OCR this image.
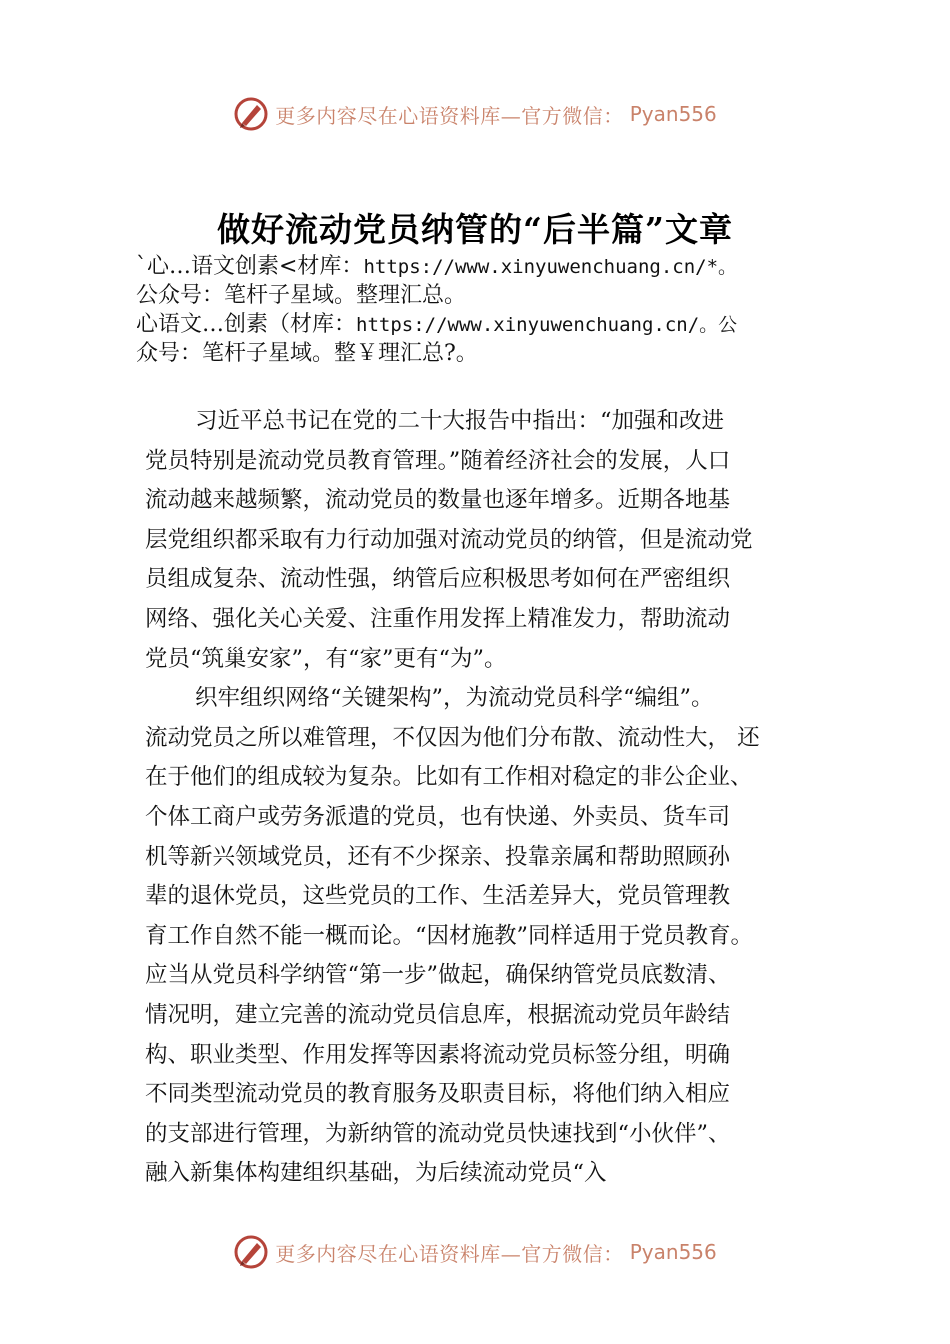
更多内容尽在心语资料库—官方微信： Pyan556
做好流动党员纳管的“后半篇”文章
`心…语文创素<材库：https://www.xinyuwenchuang.cn/*。
公众号：笔杆子星域。整理汇总。
心语文…创素（材库：https://www.xinyuwenchuang.cn/。公
众号：笔杆子星域。整￥理汇总?。
习近平总书记在党的二十大报告中指出：“加强和改进
党员特别是流动党员教育管理。”随着经济社会的发展，人口
流动越来越频繁，流动党员的数量也逐年增多。近期各地基
层党组织都采取有力行动加强对流动党员的纳管，但是流动党
员组成复杂、流动性强，纳管后应积极思考如何在严密组织
网络、强化关心关爱、注重作用发挥上精准发力，帮助流动
党员“筑巢安家”，有“家”更有“为”。
织牢组织网络“关键架构”，为流动党员科学“编组”。
流动党员之所以难管理，不仅因为他们分布散、流动性大， 还
在于他们的组成较为复杂。比如有工作相对稳定的非公企业、
个体工商户或劳务派遣的党员，也有快递、外卖员、货车司
机等新兴领域党员，还有不少探亲、投靠亲属和帮助照顾孙
辈的退休党员，这些党员的工作、生活差异大，党员管理教
育工作自然不能一概而论。“因材施教”同样适用于党员教育。
应当从党员科学纳管“第一步”做起，确保纳管党员底数清、
情况明，建立完善的流动党员信息库，根据流动党员年龄结
构、职业类型、作用发挥等因素将流动党员标签分组，明确
不同类型流动党员的教育服务及职责目标，将他们纳入相应
的支部进行管理，为新纳管的流动党员快速找到“小伙伴”、
融入新集体构建组织基础，为后续流动党员“入
更多内容尽在心语资料库—官方微信： Pyan556
